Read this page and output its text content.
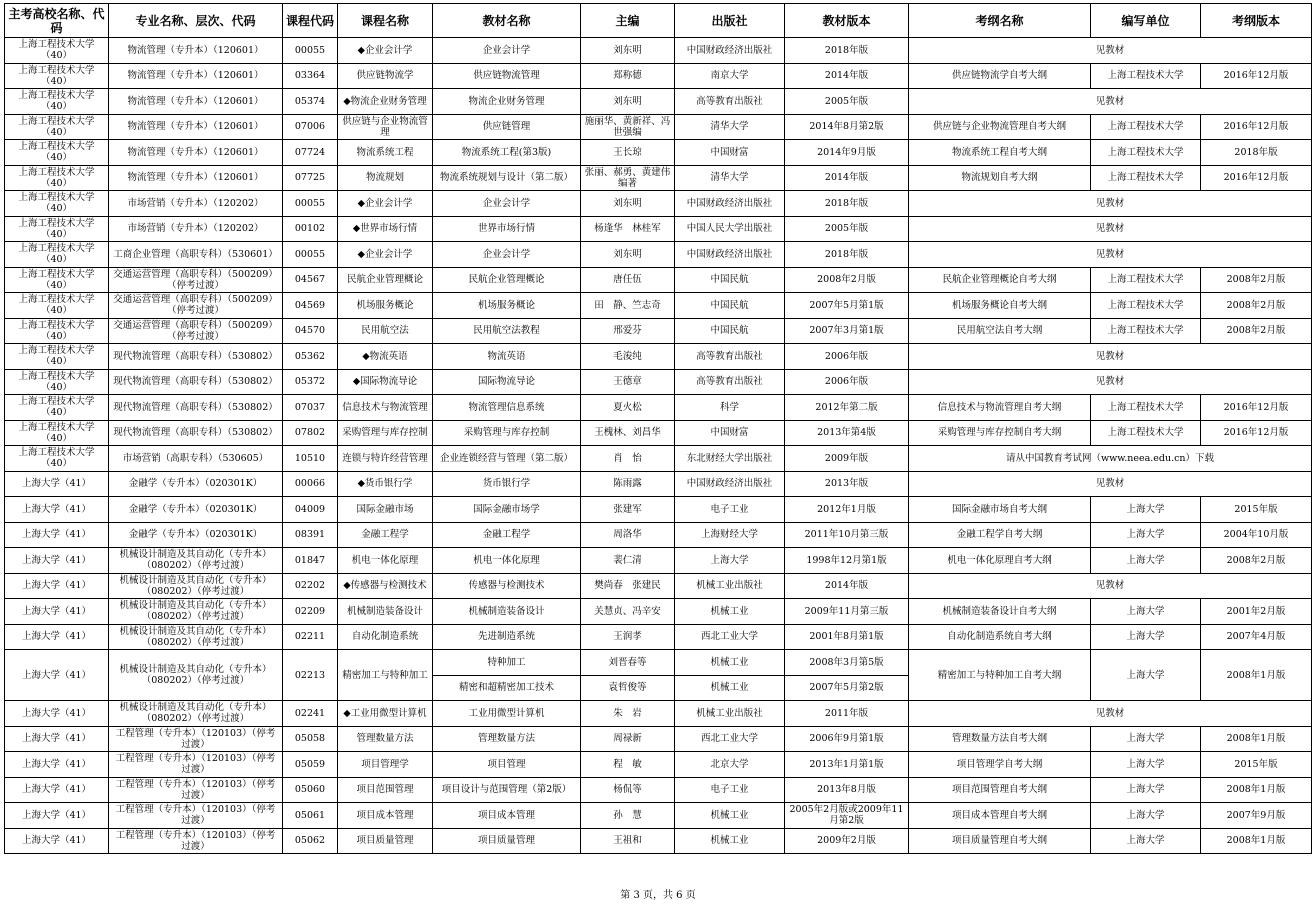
主考高校名称、代码	专业名称、层次、代码	课程代码	课程名称	教材名称	主编	出版社	教材版本	考纲名称	编写单位	考纲版本
上海工程技术大学（40）	物流管理（专升本）（120601）	00055	◆企业会计学	企业会计学	刘东明	中国财政经济出版社	2018年版	见教材		
上海工程技术大学（40）	物流管理（专升本）（120601）	03364	供应链物流学	供应链物流管理	郑称德	南京大学	2014年版	供应链物流学自考大纲	上海工程技术大学	2016年12月版
上海工程技术大学（40）	物流管理（专升本）（120601）	05374	◆物流企业财务管理	物流企业财务管理	刘东明	高等教育出版社	2005年版	见教材		
上海工程技术大学（40）	物流管理（专升本）（120601）	07006	供应链与企业物流管理	供应链管理	施丽华、黄新祥、冯世强编	清华大学	2014年8月第2版	供应链与企业物流管理自考大纲	上海工程技术大学	2016年12月版
上海工程技术大学（40）	物流管理（专升本）（120601）	07724	物流系统工程	物流系统工程(第3版)	王长琼	中国财富	2014年9月版	物流系统工程自考大纲	上海工程技术大学	2018年版
上海工程技术大学（40）	物流管理（专升本）（120601）	07725	物流规划	物流系统规划与设计（第二版）	张丽、郝勇、黄建伟编著	清华大学	2014年版	物流规划自考大纲	上海工程技术大学	2016年12月版
上海工程技术大学（40）	市场营销（专升本）（120202）	00055	◆企业会计学	企业会计学	刘东明	中国财政经济出版社	2018年版	见教材		
上海工程技术大学（40）	市场营销（专升本）（120202）	00102	◆世界市场行情	世界市场行情	杨逢华　林桂军	中国人民大学出版社	2005年版	见教材		
上海工程技术大学（40）	工商企业管理（高职专科）（530601）	00055	◆企业会计学	企业会计学	刘东明	中国财政经济出版社	2018年版	见教材		
上海工程技术大学（40）	交通运营管理（高职专科）（500209）（停考过渡）	04567	民航企业管理概论	民航企业管理概论	唐任伍	中国民航	2008年2月版	民航企业管理概论自考大纲	上海工程技术大学	2008年2月版
上海工程技术大学（40）	交通运营管理（高职专科）（500209）（停考过渡）	04569	机场服务概论	机场服务概论	田　静、竺志奇	中国民航	2007年5月第1版	机场服务概论自考大纲	上海工程技术大学	2008年2月版
上海工程技术大学（40）	交通运营管理（高职专科）（500209）（停考过渡）	04570	民用航空法	民用航空法教程	邢爱芬	中国民航	2007年3月第1版	民用航空法自考大纲	上海工程技术大学	2008年2月版
上海工程技术大学（40）	现代物流管理（高职专科）（530802）	05362	◆物流英语	物流英语	毛浚纯	高等教育出版社	2006年版	见教材		
上海工程技术大学（40）	现代物流管理（高职专科）（530802）	05372	◆国际物流导论	国际物流导论	王德章	高等教育出版社	2006年版	见教材		
上海工程技术大学（40）	现代物流管理（高职专科）（530802）	07037	信息技术与物流管理	物流管理信息系统	夏火松	科学	2012年第二版	信息技术与物流管理自考大纲	上海工程技术大学	2016年12月版
上海工程技术大学（40）	现代物流管理（高职专科）（530802）	07802	采购管理与库存控制	采购管理与库存控制	王槐林、刘昌华	中国财富	2013年第4版	采购管理与库存控制自考大纲	上海工程技术大学	2016年12月版
上海工程技术大学（40）	市场营销（高职专科）（530605）	10510	连锁与特许经营管理	企业连锁经营与管理（第二版）	肖　怡	东北财经大学出版社	2009年版	请从中国教育考试网（www.neea.edu.cn）下载		
上海大学（41）	金融学（专升本）（020301K）	00066	◆货币银行学	货币银行学	陈雨露	中国财政经济出版社	2013年版	见教材		
上海大学（41）	金融学（专升本）（020301K）	04009	国际金融市场	国际金融市场学	张建军	电子工业	2012年1月版	国际金融市场自考大纲	上海大学	2015年版
上海大学（41）	金融学（专升本）（020301K）	08391	金融工程学	金融工程学	周洛华	上海财经大学	2011年10月第三版	金融工程学自考大纲	上海大学	2004年10月版
上海大学（41）	机械设计制造及其自动化（专升本）（080202）（停考过渡）	01847	机电一体化原理	机电一体化原理	裴仁清	上海大学	1998年12月第1版	机电一体化原理自考大纲	上海大学	2008年2月版
上海大学（41）	机械设计制造及其自动化（专升本）（080202）（停考过渡）	02202	◆传感器与检测技术	传感器与检测技术	樊尚春　张建民	机械工业出版社	2014年版	见教材		
上海大学（41）	机械设计制造及其自动化（专升本）（080202）（停考过渡）	02209	机械制造装备设计	机械制造装备设计	关慧贞、冯辛安	机械工业	2009年11月第三版	机械制造装备设计自考大纲	上海大学	2001年2月版
上海大学（41）	机械设计制造及其自动化（专升本）（080202）（停考过渡）	02211	自动化制造系统	先进制造系统	王润孝	西北工业大学	2001年8月第1版	自动化制造系统自考大纲	上海大学	2007年4月版
上海大学（41）	机械设计制造及其自动化（专升本）（080202）（停考过渡）	02213	精密加工与特种加工	特种加工	刘晋春等	机械工业	2008年3月第5版	精密加工与特种加工自考大纲	上海大学	2008年1月版
				精密和超精密加工技术	袁哲俊等	机械工业	2007年5月第2版			
上海大学（41）	机械设计制造及其自动化（专升本）（080202）（停考过渡）	02241	◆工业用微型计算机	工业用微型计算机	朱　岩	机械工业出版社	2011年版	见教材		
上海大学（41）	工程管理（专升本）（120103）（停考过渡）	05058	管理数量方法	管理数量方法	周禄新	西北工业大学	2006年9月第1版	管理数量方法自考大纲	上海大学	2008年1月版
上海大学（41）	工程管理（专升本）（120103）（停考过渡）	05059	项目管理学	项目管理	程　敏	北京大学	2013年1月第1版	项目管理学自考大纲	上海大学	2015年版
上海大学（41）	工程管理（专升本）（120103）（停考过渡）	05060	项目范围管理	项目设计与范围管理（第2版）	杨侃等	电子工业	2013年8月版	项目范围管理自考大纲	上海大学	2008年1月版
上海大学（41）	工程管理（专升本）（120103）（停考过渡）	05061	项目成本管理	项目成本管理	孙　慧	机械工业	2005年2月版或2009年11月第2版	项目成本管理自考大纲	上海大学	2007年9月版
上海大学（41）	工程管理（专升本）（120103）（停考过渡）	05062	项目质量管理	项目质量管理	王祖和	机械工业	2009年2月版	项目质量管理自考大纲	上海大学	2008年1月版
第 3 页，共 6 页
